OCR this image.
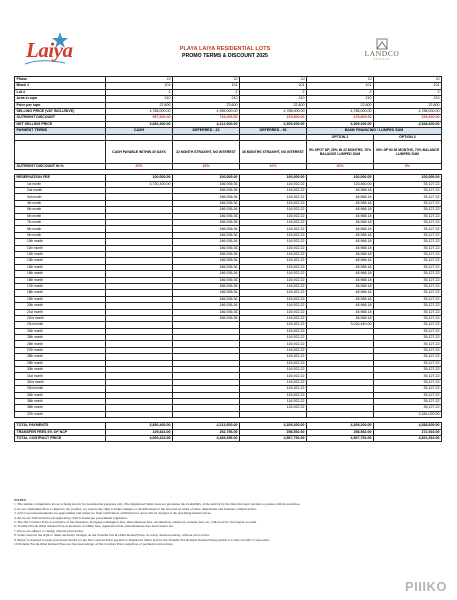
Laiya	PLAYA LAIYA RESIDENTIAL LOTS
PROMO TERMS & DISCOUNT 2025	LANDCO
PACIFIC
Phase	2J	2J	2J	2J	2J
Block #	101	101	101	101	101
Lot #	2	2	2	2	2
Area in sqm	210	210	210	210	210
Price per sqm	22,800	23,600	22,800	22,800	22,800
SELLING PRICE (VAT INCLUSIVE)	4,788,000.00	4,956,000.00	4,788,000.00	4,788,000.00	4,788,000.00
OUTRIGHT DISCOUNT	957,600.00	743,400.00	478,800.00	478,800.00	239,400.00
NET SELLING PRICE	3,830,400.00	4,212,600.00	4,309,200.00	4,309,200.00	4,548,600.00
PAYMENT TERMS	CASH	DEFERRED - 22	DEFERRED - 36	BANK FINANCING / LUMPED SUM	
				OPTION 1	OPTION 2
	CASH PAYABLE WITHIN 30 DAYS	22 MONTH STRAIGHT, NO INTEREST	36 MONTHS STRAIGHT, NO INTEREST	5% SPOT DP, 25% IN 22 MONTHS, 70% BALANCE LUMPED SUM	30% DP IN 36 MONTHS, 70% BALANCE LUMPED SUM
OUTRIGHT DISCOUNT IN %	20%	15%	10%	10%	5%

RESERVATION FEE	100,000.00	100,000.00	100,000.00	100,000.00	100,000.00
1st month	3,730,400.00	186,936.36	116,922.22	115,460.00	35,127.22
2nd month		186,936.36	116,922.22	48,968.18	35,127.22
3rd month		186,936.36	116,922.22	48,968.18	35,127.22
4th month		186,936.36	116,922.22	48,968.18	35,127.22
5th month		186,936.36	116,922.22	48,968.18	35,127.22
6th month		186,936.36	116,922.22	48,968.18	35,127.22
7th month		186,936.36	116,922.22	48,968.18	35,127.22
8th month		186,936.36	116,922.22	48,968.18	35,127.22
9th month		186,936.36	116,922.22	48,968.18	35,127.22
10th month		186,936.36	116,922.22	48,968.18	35,127.22
11th month		186,936.36	116,922.22	48,968.18	35,127.22
12th month		186,936.36	116,922.22	48,968.18	35,127.22
13th month		186,936.36	116,922.22	48,968.18	35,127.22
14th month		186,936.36	116,922.22	48,968.18	35,127.22
15th month		186,936.36	116,922.22	48,968.18	35,127.22
16th month		186,936.36	116,922.22	48,968.18	35,127.22
17th month		186,936.36	116,922.22	48,968.18	35,127.22
18th month		186,936.36	116,922.22	48,968.18	35,127.22
19th month		186,936.36	116,922.22	48,968.18	35,127.22
20th month		186,936.36	116,922.22	48,968.18	35,127.22
21st month		186,936.36	116,922.22	48,968.18	35,127.22
22nd month		186,936.36	116,922.22	48,968.18	35,127.22
23rd month			116,922.22	3,016,440.00	35,127.22
24th month			116,922.22		35,127.22
25th month			116,922.22		35,127.22
26th month			116,922.22		35,127.22
27th month			116,922.22		35,127.22
28th month			116,922.22		35,127.22
29th month			116,922.22		35,127.22
30th month			116,922.22		35,127.22
31st month			116,922.22		35,127.22
32nd month			116,922.22		35,127.22
33rd month			116,922.22		35,127.22
34th month			116,922.22		35,127.22
35th month			116,922.22		35,127.22
36th month			116,922.22		35,127.22
37th month					3,184,020.00

TOTAL PAYMENTS	3,830,400.00	4,212,600.00	4,309,200.00	4,309,200.00	4,548,600.00
TRANSFER FEES 6% OF NCP	229,824.00	252,756.00	258,552.00	258,552.00	272,916.00
TOTAL CONTRACT PRICE	4,060,224.00	4,465,356.00	4,567,752.00	4,567,752.00	4,821,516.00
NOTES:
1. The sample computation above is being shown for presentation purposes only. The Registered Seller does not guarantee the availability of the unit/lot by the time the buyer decides to pursue with the purchase.
2. In our continuing effort to improve our product, we reserve the right to make changes or modifications to the site plan in terms of sizes, dimensions and features, without notice.
3. All lot area measurements are approximate and subject to final verification. Additional lot areas will be charged at the prevailing market prices.
4. Prices are VAT inclusive (if applicable). VAT is based per government regulation.
5. The Net Contract Price is exclusive of the insurance, mortgage redemption fees, miscellaneous fees, documentary stamp tax, transfer fees, etc. which are for the buyers' account.
6. Transfer Fee & Other Related Fees is inclusive of admin fees, registration fees, miscellaneous fees and transfer tax.
7. Prices are subject to change without prior notice.
8. Seller reserves the right to make necessary changes on the Transfer Fee & Other Related Fees, as it may deem necessary, without prior notice.
9. Buyer is required to issue post-dated checks for the Net Contract Price payable to Registered Seller and for the Transfer Fee & Other Related Fees payable to Landco Pacific Corporation.
10.Transfer Fee & Other Related Fees are fixed percentage of Net Contract Price regardless of payment term options.
PIIIKO
